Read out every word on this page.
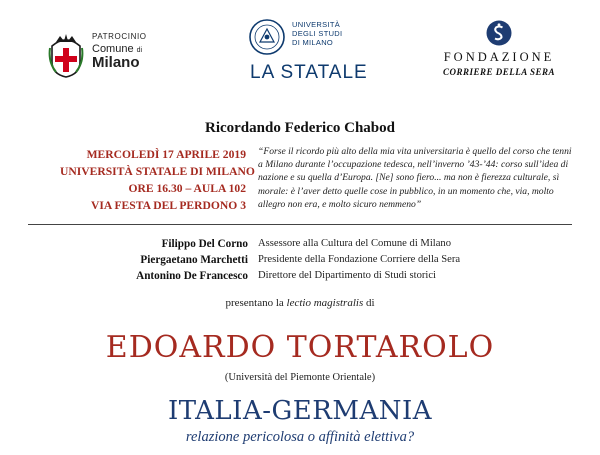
PATROCINIO
Comune di
Milano
UNIVERSITÀ
DEGLI STUDI
DI MILANO
LA STATALE
FONDAZIONE
CORRIERE DELLA SERA
Ricordando Federico Chabod
MERCOLEDÌ 17 APRILE 2019
UNIVERSITÀ STATALE DI MILANO
ORE 16.30 – AULA 102
VIA FESTA DEL PERDONO 3
“Forse il ricordo più alto della mia vita universitaria è quello del corso che tenni a Milano durante l’occupazione tedesca, nell’inverno ’43-’44: corso sull’idea di nazione e su quella d’Europa. [Ne] sono fiero... ma non è fierezza culturale, sì morale: è l’aver detto quelle cose in pubblico, in un momento che, via, molto allegro non era, e molto sicuro nemmeno”
Filippo Del Corno Assessore alla Cultura del Comune di Milano
Piergaetano Marchetti Presidente della Fondazione Corriere della Sera
Antonino De Francesco Direttore del Dipartimento di Studi storici
presentano la lectio magistralis di
EDOARDO TORTAROLO
(Università del Piemonte Orientale)
ITALIA-GERMANIA
relazione pericolosa o affinità elettiva?
